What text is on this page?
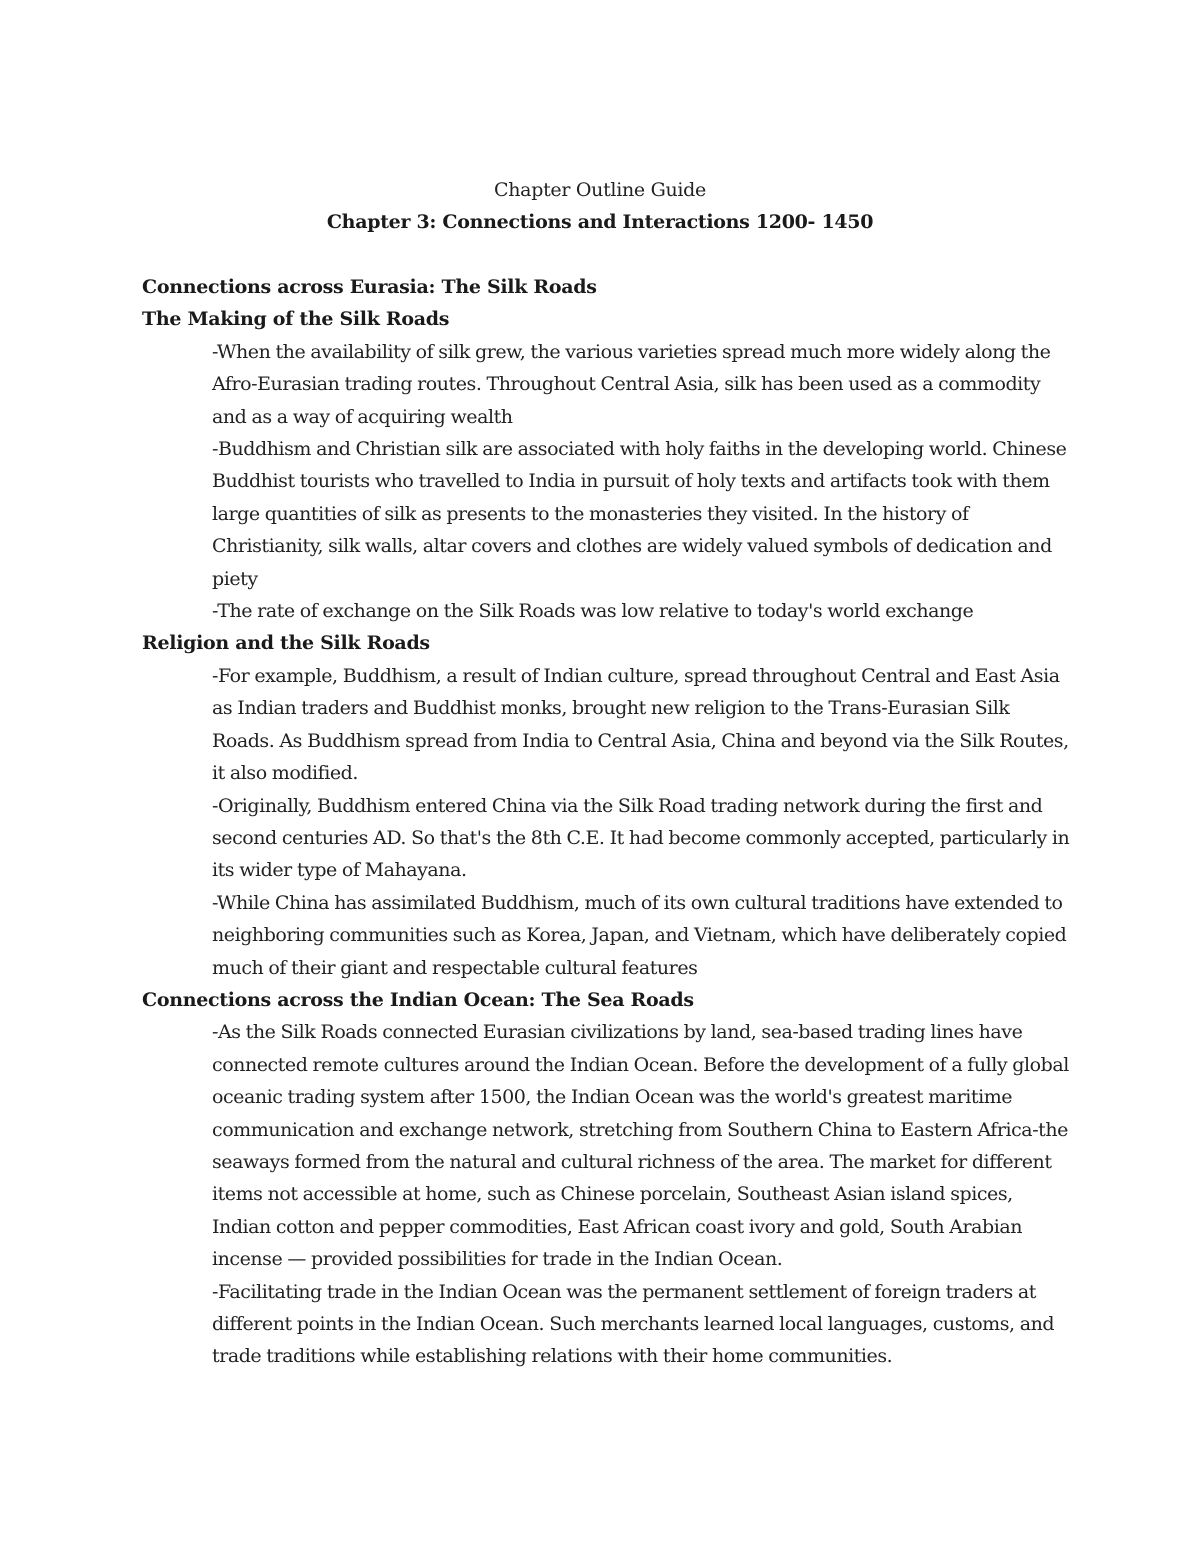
Chapter Outline Guide
Chapter 3: Connections and Interactions 1200- 1450

Connections across Eurasia: The Silk Roads

The Making of the Silk Roads

-When the availability of silk grew, the various varieties spread much more widely along the Afro-Eurasian trading routes. Throughout Central Asia, silk has been used as a commodity and as a way of acquiring wealth

-Buddhism and Christian silk are associated with holy faiths in the developing world. Chinese Buddhist tourists who travelled to India in pursuit of holy texts and artifacts took with them large quantities of silk as presents to the monasteries they visited. In the history of Christianity, silk walls, altar covers and clothes are widely valued symbols of dedication and piety

-The rate of exchange on the Silk Roads was low relative to today's world exchange

Religion and the Silk Roads

-For example, Buddhism, a result of Indian culture, spread throughout Central and East Asia as Indian traders and Buddhist monks, brought new religion to the Trans-Eurasian Silk Roads. As Buddhism spread from India to Central Asia, China and beyond via the Silk Routes, it also modified.

-Originally, Buddhism entered China via the Silk Road trading network during the first and second centuries AD. So that's the 8th C.E. It had become commonly accepted, particularly in its wider type of Mahayana.

-While China has assimilated Buddhism, much of its own cultural traditions have extended to neighboring communities such as Korea, Japan, and Vietnam, which have deliberately copied much of their giant and respectable cultural features

Connections across the Indian Ocean: The Sea Roads

-As the Silk Roads connected Eurasian civilizations by land, sea-based trading lines have connected remote cultures around the Indian Ocean. Before the development of a fully global oceanic trading system after 1500, the Indian Ocean was the world's greatest maritime communication and exchange network, stretching from Southern China to Eastern Africa-the seaways formed from the natural and cultural richness of the area. The market for different items not accessible at home, such as Chinese porcelain, Southeast Asian island spices, Indian cotton and pepper commodities, East African coast ivory and gold, South Arabian incense — provided possibilities for trade in the Indian Ocean.

-Facilitating trade in the Indian Ocean was the permanent settlement of foreign traders at different points in the Indian Ocean. Such merchants learned local languages, customs, and trade traditions while establishing relations with their home communities.
